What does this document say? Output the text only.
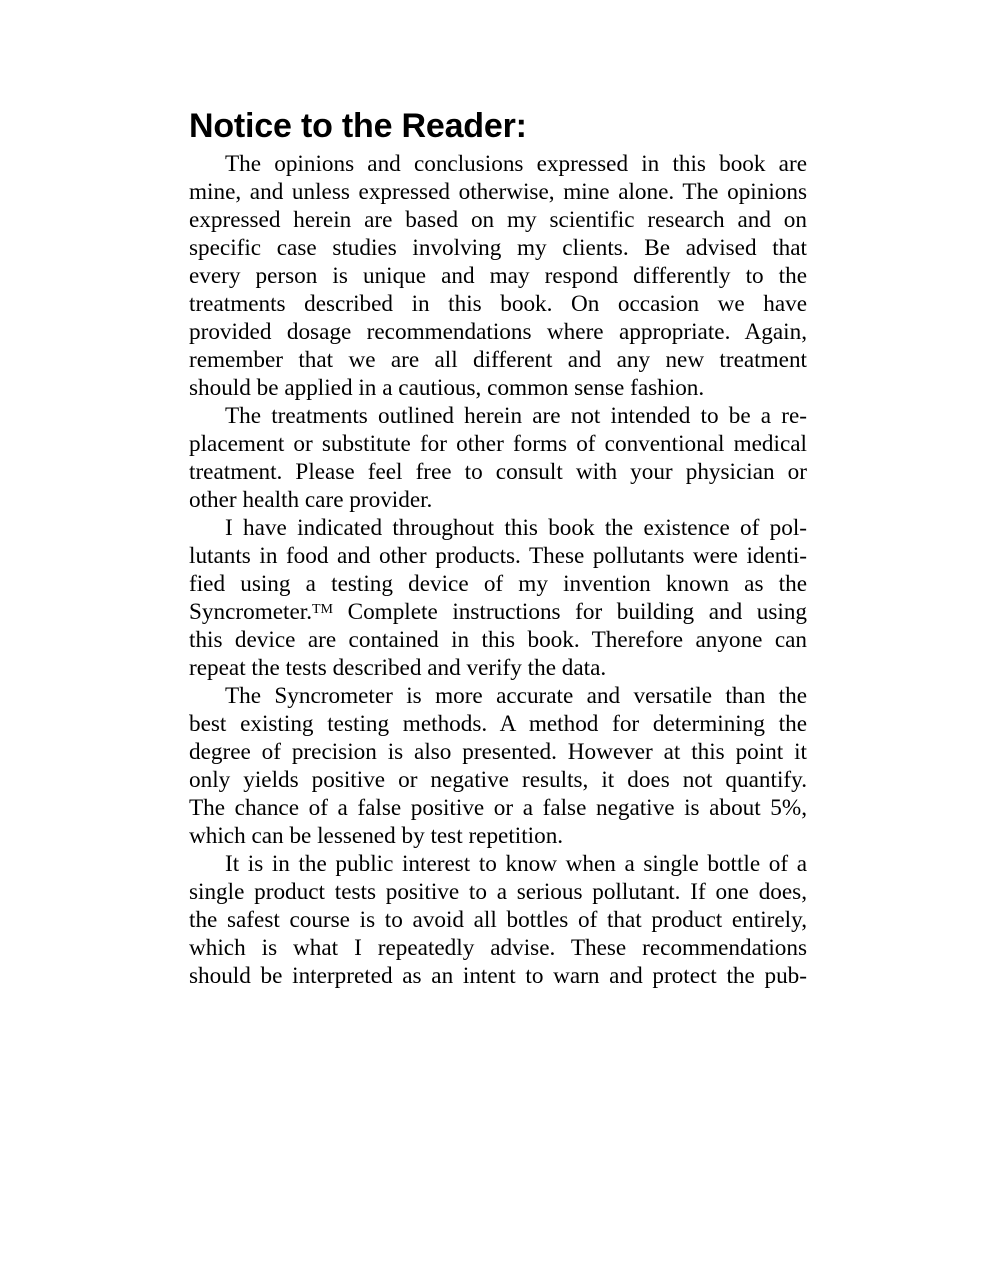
Notice to the Reader:

The opinions and conclusions expressed in this book are
mine, and unless expressed otherwise, mine alone. The opinions
expressed herein are based on my scientific research and on
specific case studies involving my clients. Be advised that
every person is unique and may respond differently to the
treatments described in this book. On occasion we have
provided dosage recommendations where appropriate. Again,
remember that we are all different and any new treatment
should be applied in a cautious, common sense fashion.

The treatments outlined herein are not intended to be a re-
placement or substitute for other forms of conventional medical
treatment. Please feel free to consult with your physician or
other health care provider.

I have indicated throughout this book the existence of pol-
lutants in food and other products. These pollutants were identi-
fied using a testing device of my invention known as the
Syncrometer.™ Complete instructions for building and using
this device are contained in this book. Therefore anyone can
repeat the tests described and verify the data.

The Syncrometer is more accurate and versatile than the
best existing testing methods. A method for determining the
degree of precision is also presented. However at this point it
only yields positive or negative results, it does not quantify.
The chance of a false positive or a false negative is about 5%,
which can be lessened by test repetition.

It is in the public interest to know when a single bottle of a
single product tests positive to a serious pollutant. If one does,
the safest course is to avoid all bottles of that product entirely,
which is what I repeatedly advise. These recommendations
should be interpreted as an intent to warn and protect the pub-
